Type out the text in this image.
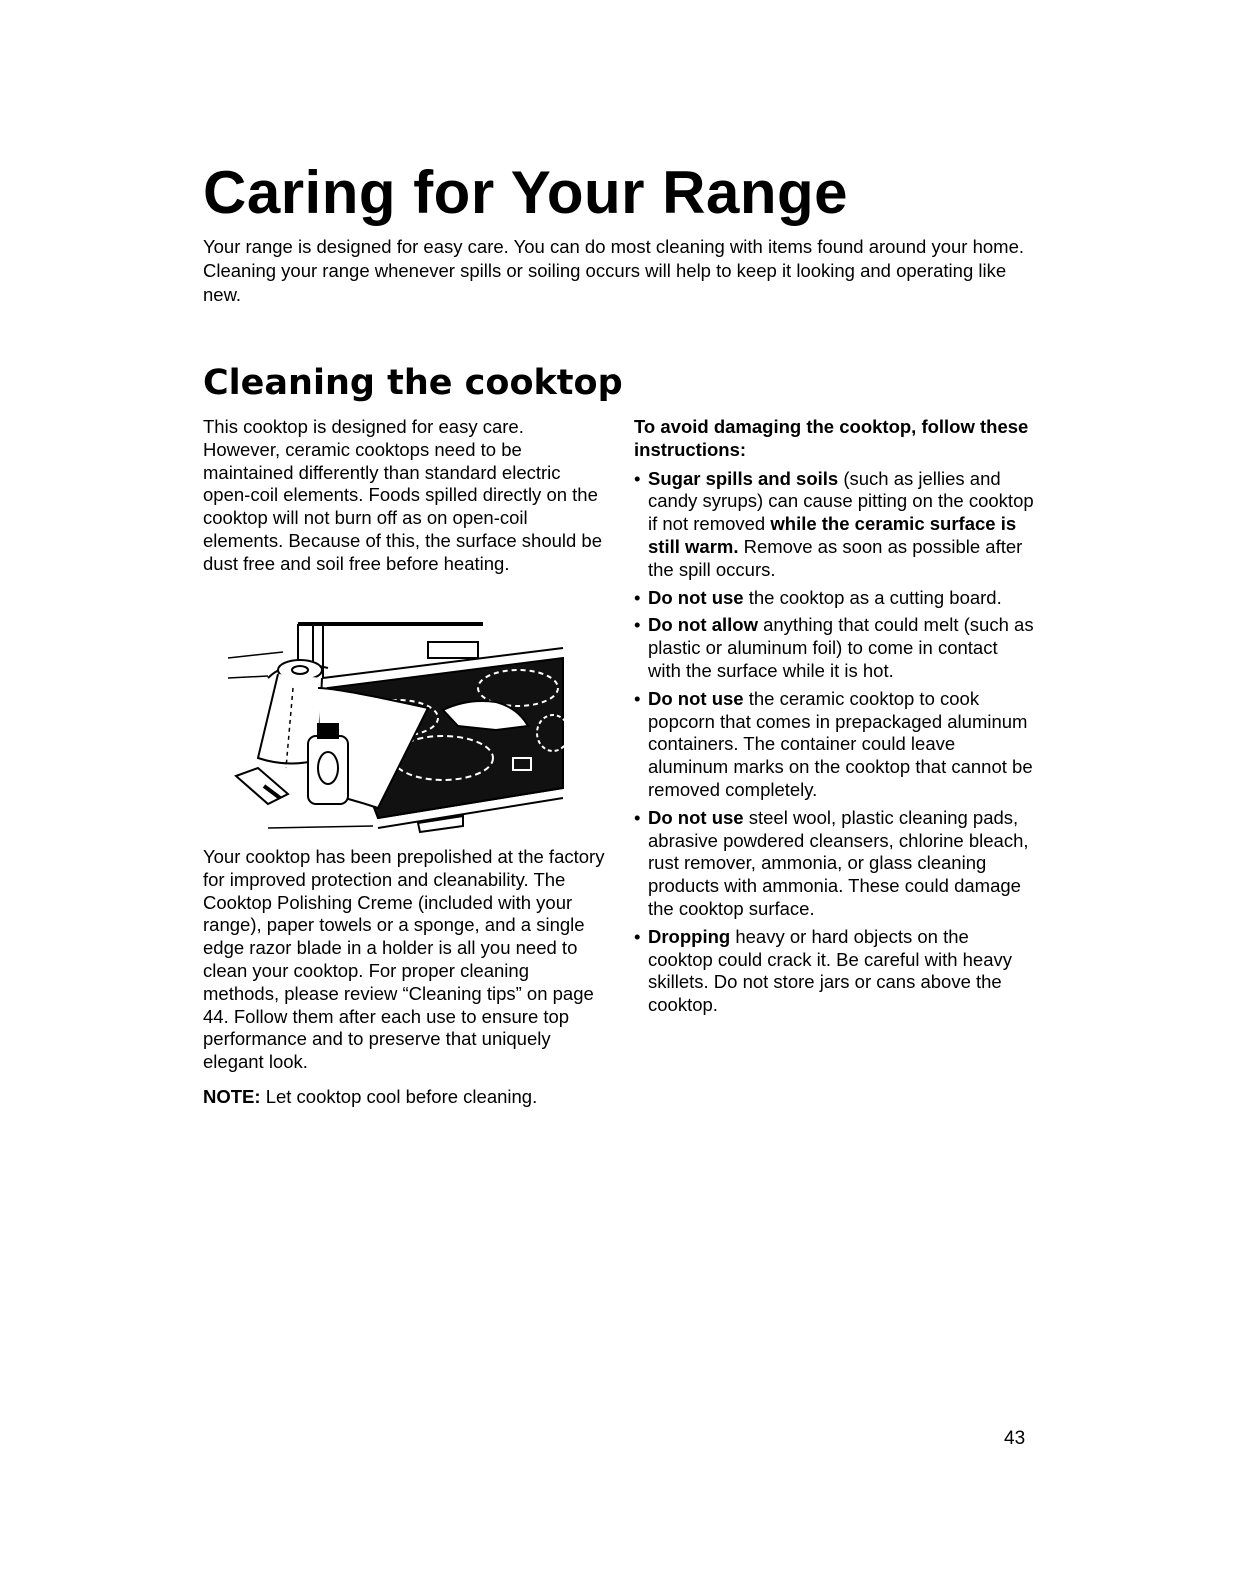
Caring for Your Range

Your range is designed for easy care. You can do most cleaning with items found around your home. Cleaning your range whenever spills or soiling occurs will help to keep it looking and operating like new.

Cleaning the cooktop

This cooktop is designed for easy care. However, ceramic cooktops need to be maintained differently than standard electric open-coil elements. Foods spilled directly on the cooktop will not burn off as on open-coil elements. Because of this, the surface should be dust free and soil free before heating.

Your cooktop has been prepolished at the factory for improved protection and cleanability. The Cooktop Polishing Creme (included with your range), paper towels or a sponge, and a single edge razor blade in a holder is all you need to clean your cooktop. For proper cleaning methods, please review “Cleaning tips” on page 44. Follow them after each use to ensure top performance and to preserve that uniquely elegant look.

NOTE: Let cooktop cool before cleaning.

To avoid damaging the cooktop, follow these instructions:

• Sugar spills and soils (such as jellies and candy syrups) can cause pitting on the cooktop if not removed while the ceramic surface is still warm. Remove as soon as possible after the spill occurs.
• Do not use the cooktop as a cutting board.
• Do not allow anything that could melt (such as plastic or aluminum foil) to come in contact with the surface while it is hot.
• Do not use the ceramic cooktop to cook popcorn that comes in prepackaged aluminum containers. The container could leave aluminum marks on the cooktop that cannot be removed completely.
• Do not use steel wool, plastic cleaning pads, abrasive powdered cleansers, chlorine bleach, rust remover, ammonia, or glass cleaning products with ammonia. These could damage the cooktop surface.
• Dropping heavy or hard objects on the cooktop could crack it. Be careful with heavy skillets. Do not store jars or cans above the cooktop.
43
